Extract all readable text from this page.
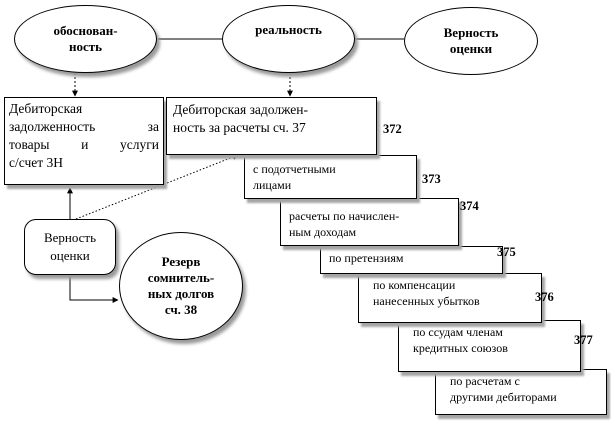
обоснован-
ность
реальность	Верность
оценки
Дебиторская
задолженность за
товары и услуги
с/счет 3Н
по расчетам с
другими дебиторами
по ссудам членам
кредитных союзов
377
по компенсации
нанесенных убытков	376
по претензиям	375
расчеты по начислен-
ным доходам
374
с подотчетными
лицами	373
Дебиторская задолжен-
ность за расчеты сч. 37	372
Верность
оценки	Резерв
сомнитель-
ных долгов
сч. 38
